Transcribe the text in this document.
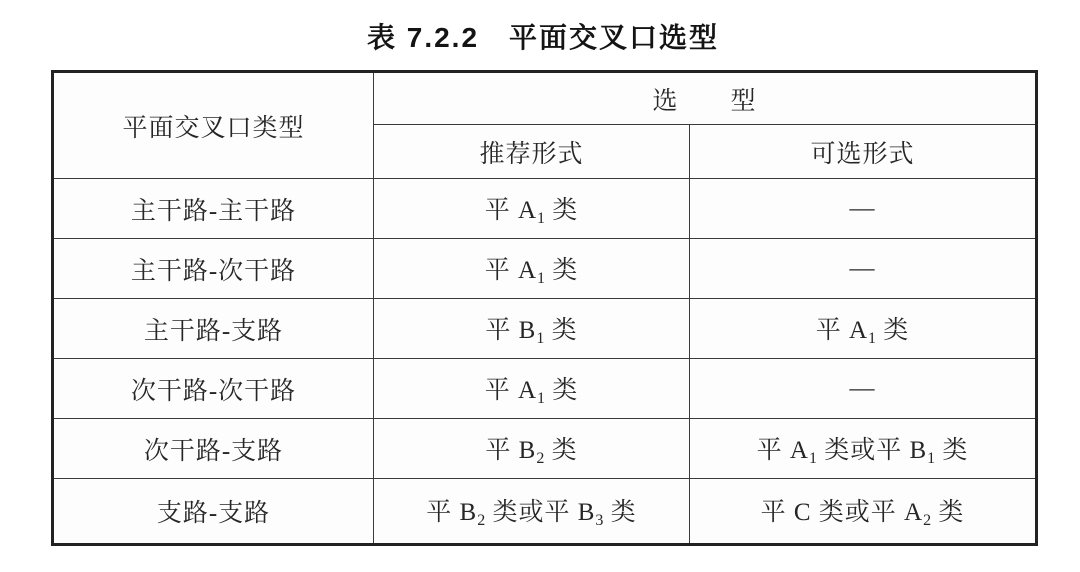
表 7.2.2　平面交叉口选型
平面交叉口类型	选　　型	
	推荐形式	可选形式
主干路-主干路	平 $A_1$ 类	—
主干路-次干路	平 $A_1$ 类	—
主干路-支路	平 $B_1$ 类	平 $A_1$ 类
次干路-次干路	平 $A_1$ 类	—
次干路-支路	平 $B_2$ 类	平 $A_1$ 类或平 $B_1$ 类
支路-支路	平 $B_2$ 类或平 $B_3$ 类	平 C 类或平 $A_2$ 类
